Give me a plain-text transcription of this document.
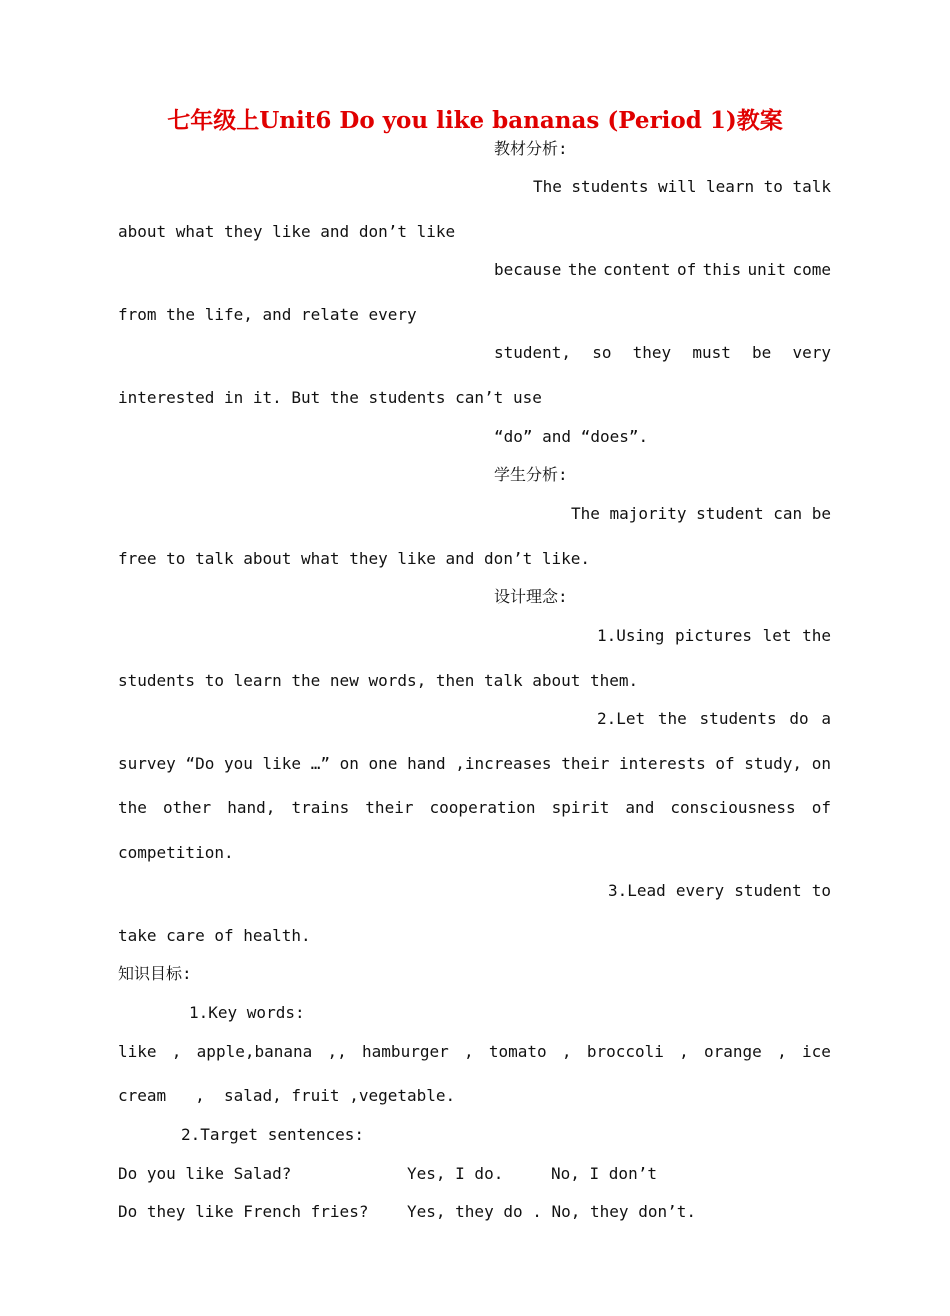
七年级上Unit6 Do you like bananas (Period 1)教案
教材分析:
The students will learn to talk
about what they like and don’t like
because the content of this unit come
from the life, and relate every
student, so they must be very
interested in it. But the students can’t use
“do” and “does”.
学生分析:
The majority student can be
free to talk about what they like and don’t like.
设计理念:
1.Using pictures let the
students to learn the new words, then talk about them.
2.Let the students do a
survey “Do you like …” on one hand ,increases their interests of study, on
the other hand, trains their cooperation spirit and consciousness of
competition.
3.Lead every student to
take care of health.
知识目标:
1.Key words:
like , apple,banana ,, hamburger , tomato , broccoli , orange , ice
cream   ,  salad, fruit ,vegetable.
2.Target sentences:
Do you like Salad?	Yes, I do.	No, I don’t
Do they like French fries? Yes, they do . No, they don’t.
